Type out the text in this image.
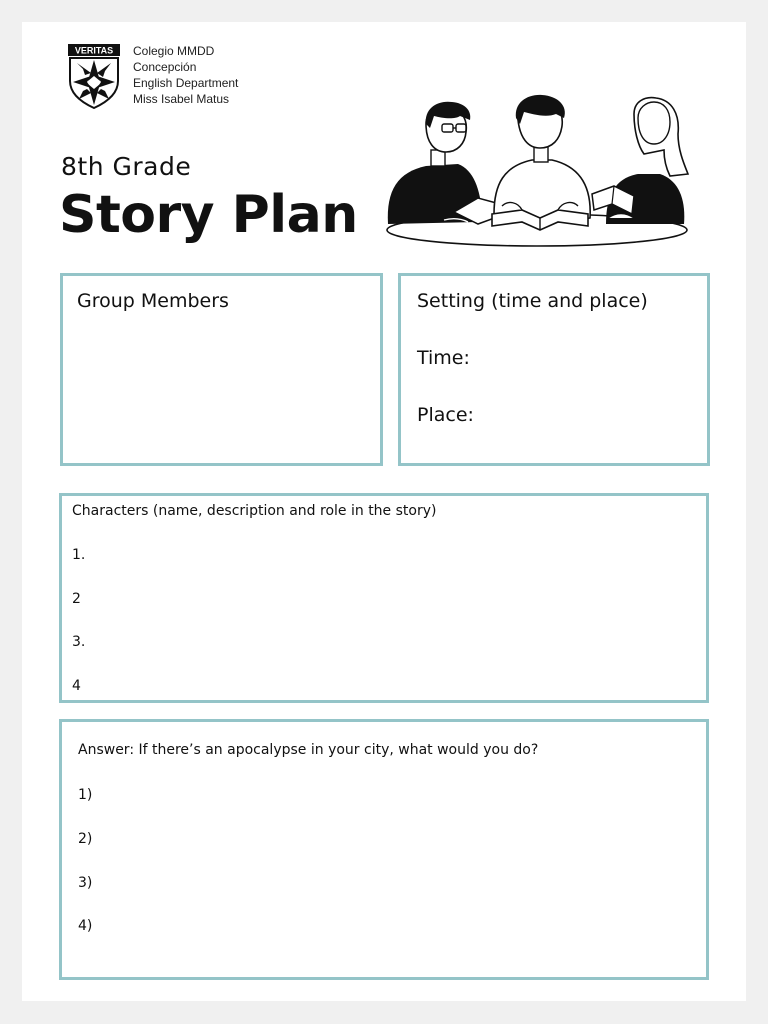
VERITAS Colegio MMDD
Concepción
English Department
Miss Isabel Matus
8th Grade
Story Plan
Group Members	Setting (time and place)
Time:
Place:
Characters (name, description and role in the story)
1.
2
3.
4
Answer: If there’s an apocalypse in your city, what would you do?
1)
2)
3)
4)
